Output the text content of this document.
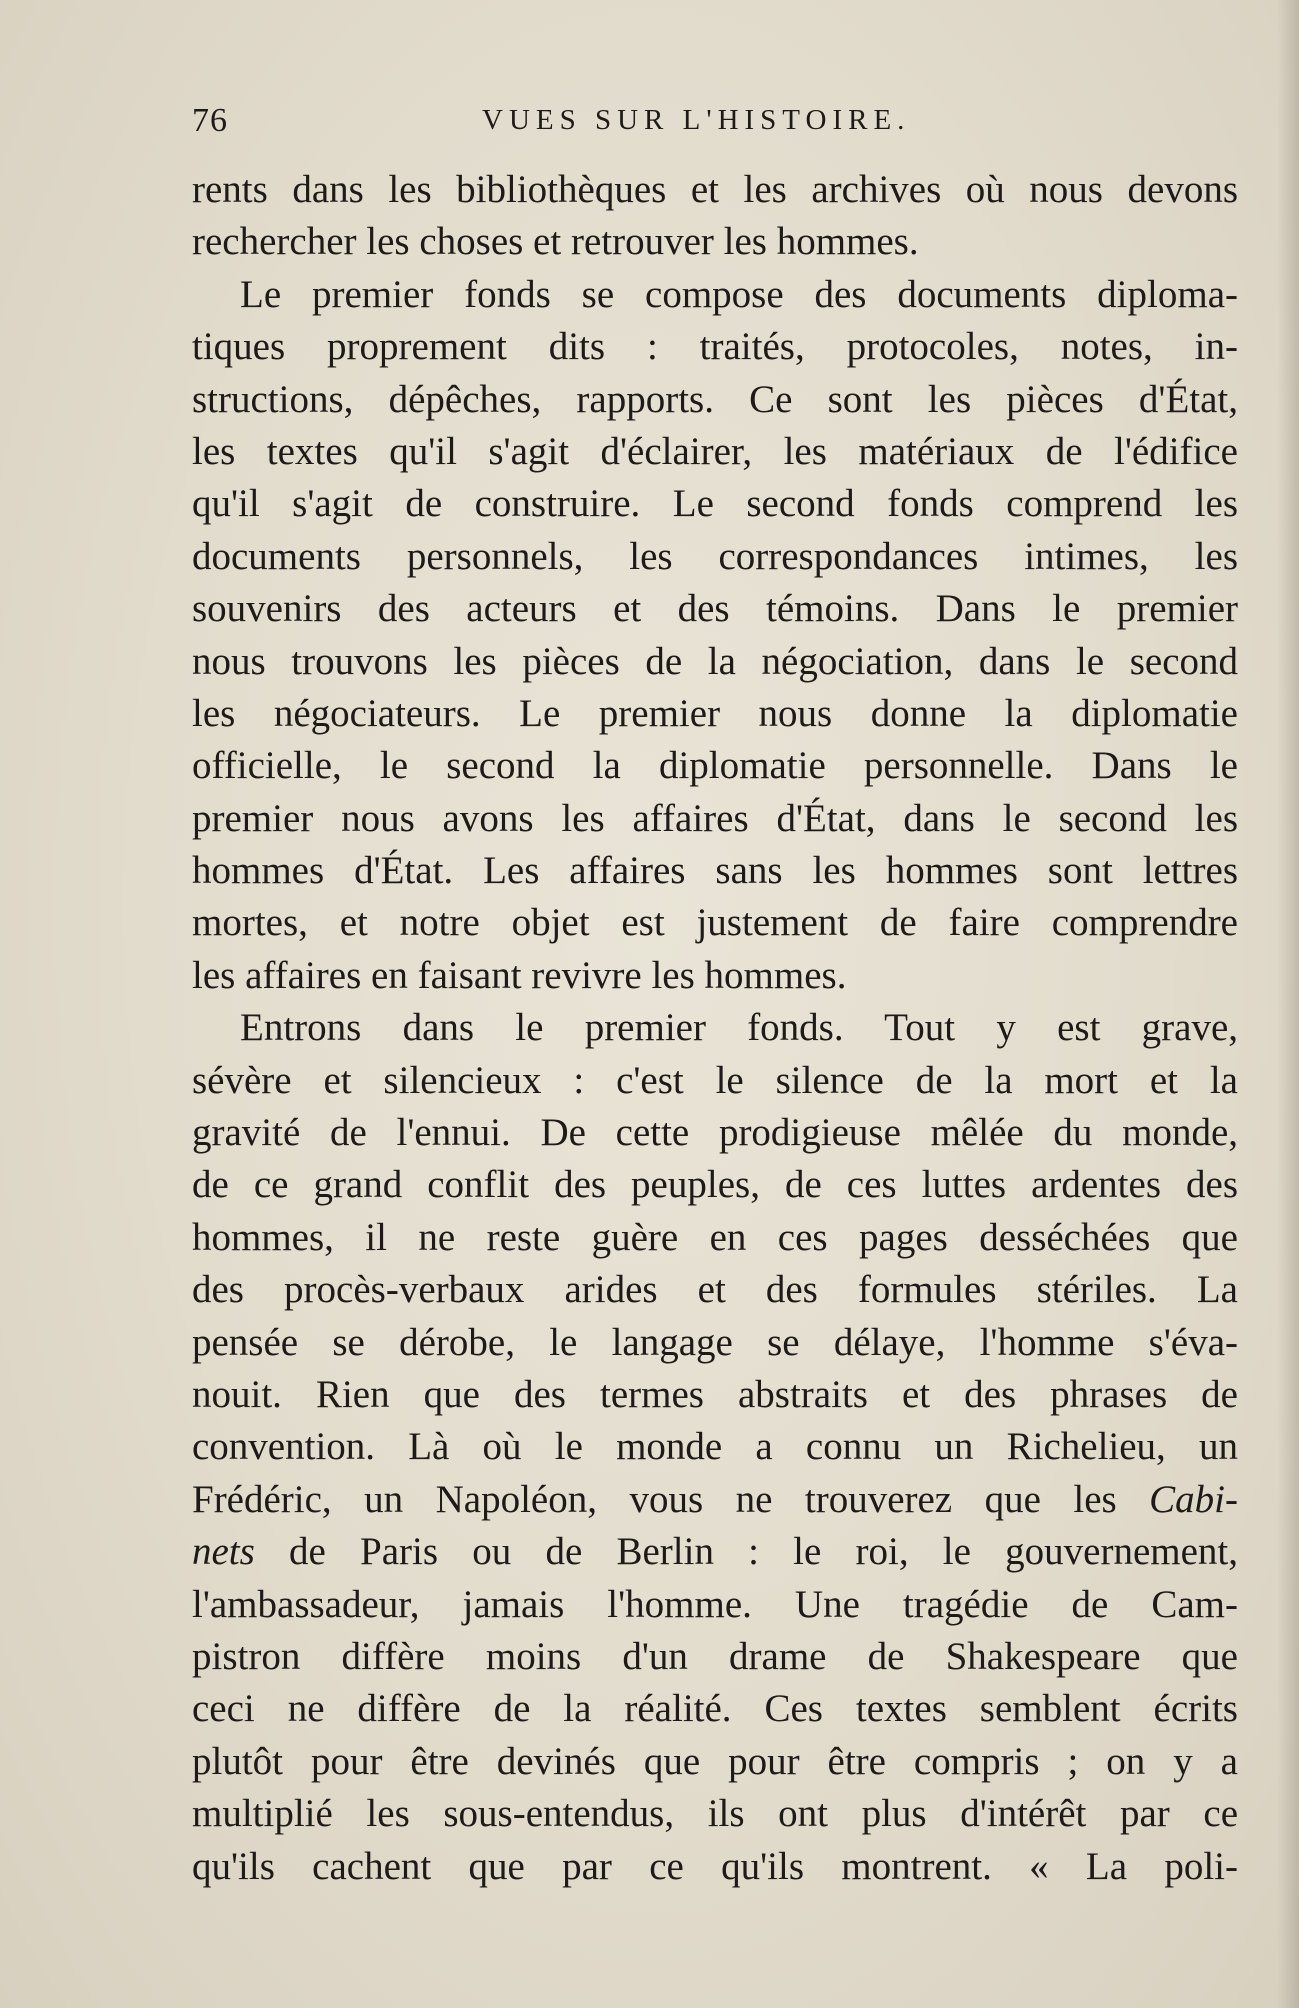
76	VUES SUR L'HISTOIRE.
rents dans les bibliothèques et les archives où nous devons
rechercher les choses et retrouver les hommes.
Le premier fonds se compose des documents diploma-
tiques proprement dits : traités, protocoles, notes, in-
structions, dépêches, rapports. Ce sont les pièces d'État,
les textes qu'il s'agit d'éclairer, les matériaux de l'édifice
qu'il s'agit de construire. Le second fonds comprend les
documents personnels, les correspondances intimes, les
souvenirs des acteurs et des témoins. Dans le premier
nous trouvons les pièces de la négociation, dans le second
les négociateurs. Le premier nous donne la diplomatie
officielle, le second la diplomatie personnelle. Dans le
premier nous avons les affaires d'État, dans le second les
hommes d'État. Les affaires sans les hommes sont lettres
mortes, et notre objet est justement de faire comprendre
les affaires en faisant revivre les hommes.
Entrons dans le premier fonds. Tout y est grave,
sévère et silencieux : c'est le silence de la mort et la
gravité de l'ennui. De cette prodigieuse mêlée du monde,
de ce grand conflit des peuples, de ces luttes ardentes des
hommes, il ne reste guère en ces pages desséchées que
des procès-verbaux arides et des formules stériles. La
pensée se dérobe, le langage se délaye, l'homme s'éva-
nouit. Rien que des termes abstraits et des phrases de
convention. Là où le monde a connu un Richelieu, un
Frédéric, un Napoléon, vous ne trouverez que les Cabi-
nets de Paris ou de Berlin : le roi, le gouvernement,
l'ambassadeur, jamais l'homme. Une tragédie de Cam-
pistron diffère moins d'un drame de Shakespeare que
ceci ne diffère de la réalité. Ces textes semblent écrits
plutôt pour être devinés que pour être compris ; on y a
multiplié les sous-entendus, ils ont plus d'intérêt par ce
qu'ils cachent que par ce qu'ils montrent. « La poli-
